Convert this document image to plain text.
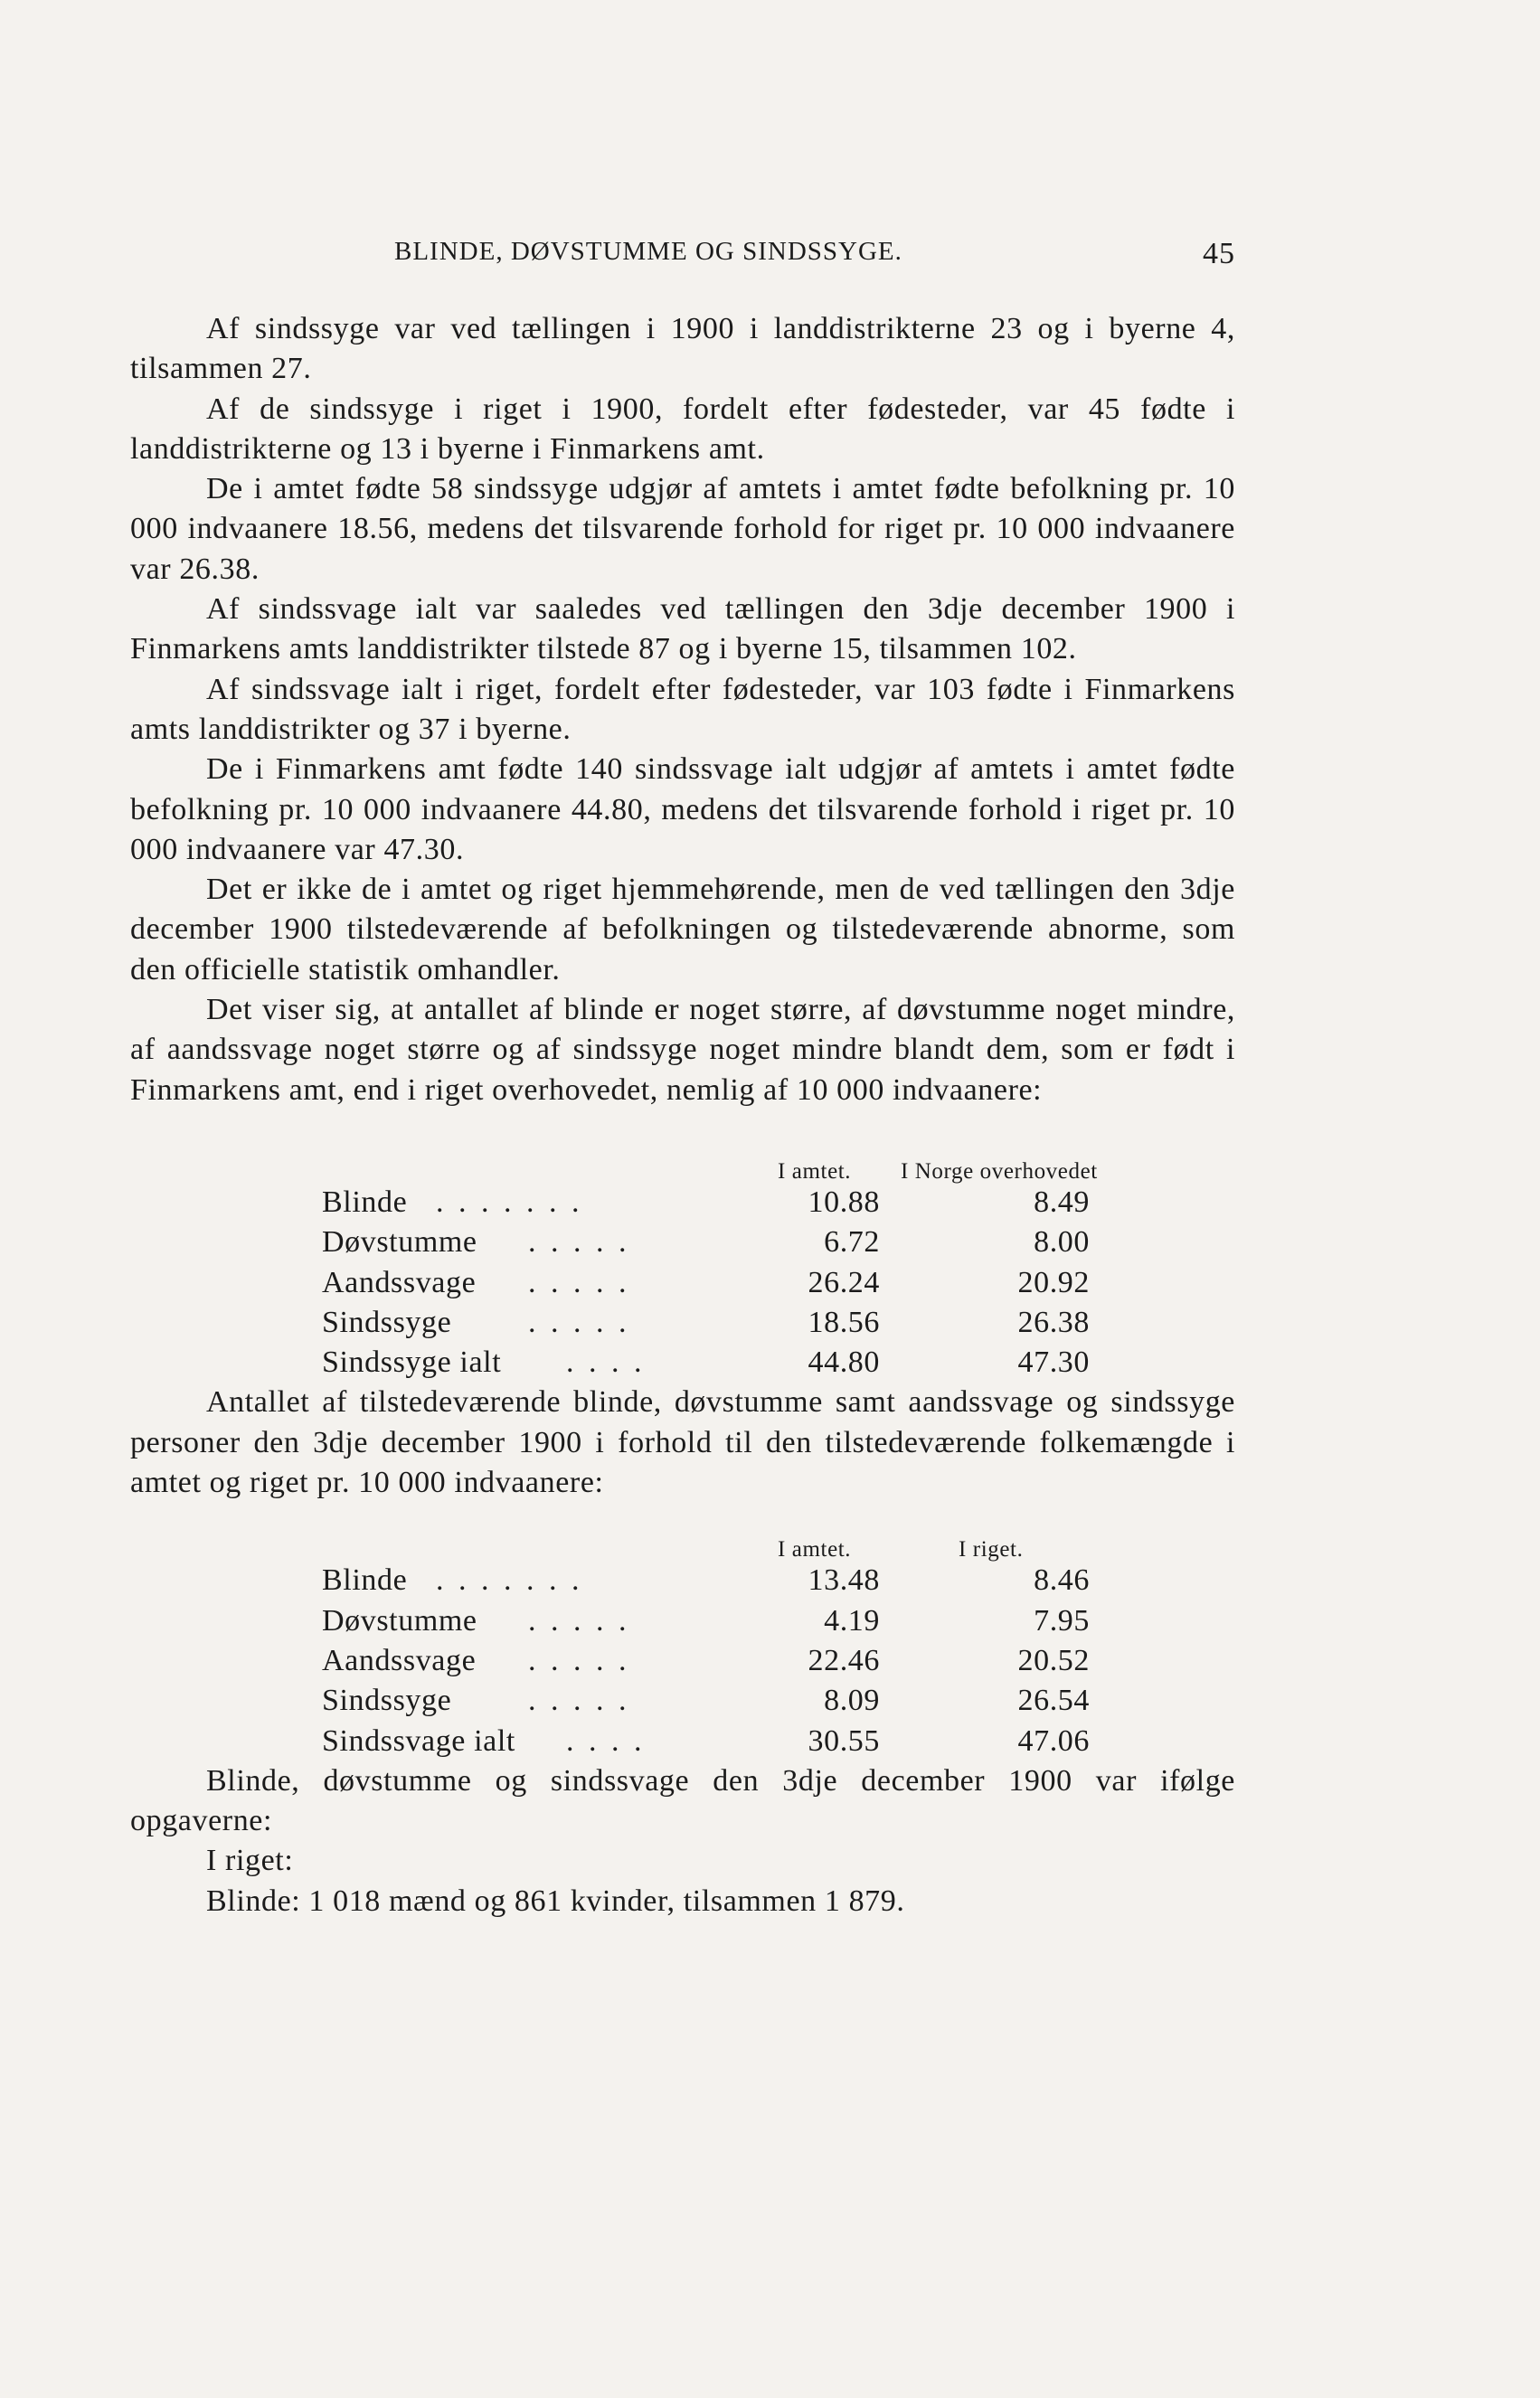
BLINDE, DØVSTUMME OG SINDSSYGE.	45

Af sindssyge var ved tællingen i 1900 i landdistrikterne 23 og i byerne 4, tilsammen 27.

Af de sindssyge i riget i 1900, fordelt efter fødesteder, var 45 fødte i landdistrikterne og 13 i byerne i Finmarkens amt.

De i amtet fødte 58 sindssyge udgjør af amtets i amtet fødte befolkning pr. 10 000 indvaanere 18.56, medens det tilsvarende forhold for riget pr. 10 000 indvaanere var 26.38.

Af sindssvage ialt var saaledes ved tællingen den 3dje december 1900 i Finmarkens amts landdistrikter tilstede 87 og i byerne 15, tilsammen 102.

Af sindssvage ialt i riget, fordelt efter fødesteder, var 103 fødte i Finmarkens amts landdistrikter og 37 i byerne.

De i Finmarkens amt fødte 140 sindssvage ialt udgjør af amtets i amtet fødte befolkning pr. 10 000 indvaanere 44.80, medens det tilsvarende forhold i riget pr. 10 000 indvaanere var 47.30.

Det er ikke de i amtet og riget hjemmehørende, men de ved tællingen den 3dje december 1900 tilstedeværende af befolkningen og tilstedeværende abnorme, som den officielle statistik omhandler.

Det viser sig, at antallet af blinde er noget større, af døvstumme noget mindre, af aandssvage noget større og af sindssyge noget mindre blandt dem, som er født i Finmarkens amt, end i riget overhovedet, nemlig af 10 000 indvaanere:

I amtet. I Norge overhovedet
Blinde . . . . . . .	10.88	8.49
Døvstumme . . . . .	6.72	8.00
Aandssvage . . . . .	26.24	20.92
Sindssyge . . . . .	18.56	26.38
Sindssyge ialt . . . .	44.80	47.30

Antallet af tilstedeværende blinde, døvstumme samt aandssvage og sindssyge personer den 3dje december 1900 i forhold til den tilstedeværende folkemængde i amtet og riget pr. 10 000 indvaanere:

I amtet.	I riget.
Blinde . . . . . . .	13.48	8.46
Døvstumme . . . . .	4.19	7.95
Aandssvage . . . . .	22.46	20.52
Sindssyge . . . . .	8.09	26.54
Sindssvage ialt . . . .	30.55	47.06

Blinde, døvstumme og sindssvage den 3dje december 1900 var ifølge opgaverne:

I riget:

Blinde: 1 018 mænd og 861 kvinder, tilsammen 1 879.
